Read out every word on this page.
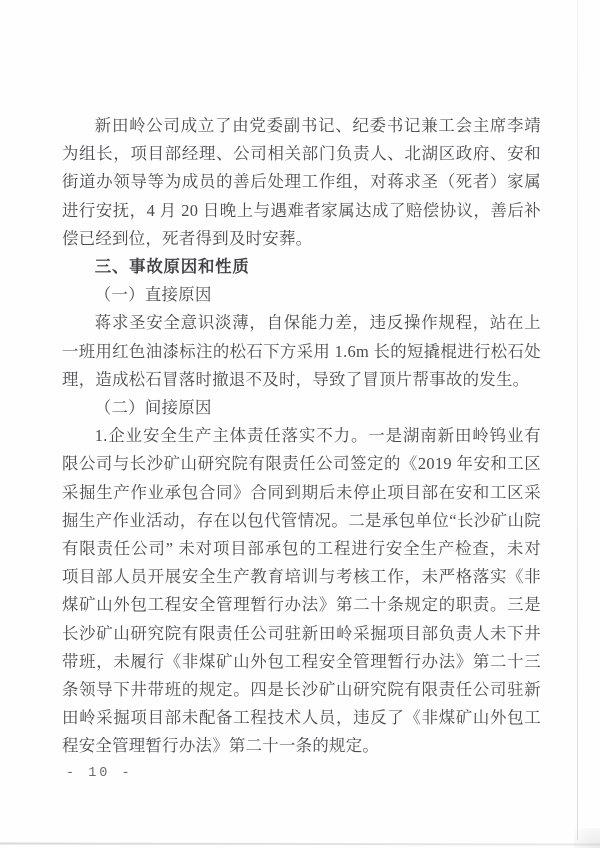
新田岭公司成立了由党委副书记、纪委书记兼工会主席李靖为组长，项目部经理、公司相关部门负责人、北湖区政府、安和街道办领导等为成员的善后处理工作组，对蒋求圣（死者）家属进行安抚，4 月 20 日晚上与遇难者家属达成了赔偿协议，善后补偿已经到位，死者得到及时安葬。

三、事故原因和性质

（一）直接原因

蒋求圣安全意识淡薄，自保能力差，违反操作规程，站在上一班用红色油漆标注的松石下方采用 1.6m 长的短撬棍进行松石处理，造成松石冒落时撤退不及时，导致了冒顶片帮事故的发生。

（二）间接原因

1.企业安全生产主体责任落实不力。一是湖南新田岭钨业有限公司与长沙矿山研究院有限责任公司签定的《2019 年安和工区采掘生产作业承包合同》合同到期后未停止项目部在安和工区采掘生产作业活动，存在以包代管情况。二是承包单位“长沙矿山院有限责任公司” 未对项目部承包的工程进行安全生产检查，未对项目部人员开展安全生产教育培训与考核工作，未严格落实《非煤矿山外包工程安全管理暂行办法》第二十条规定的职责。三是长沙矿山研究院有限责任公司驻新田岭采掘项目部负责人未下井带班，未履行《非煤矿山外包工程安全管理暂行办法》第二十三条领导下井带班的规定。四是长沙矿山研究院有限责任公司驻新田岭采掘项目部未配备工程技术人员，违反了《非煤矿山外包工程安全管理暂行办法》第二十一条的规定。

- 10 -
